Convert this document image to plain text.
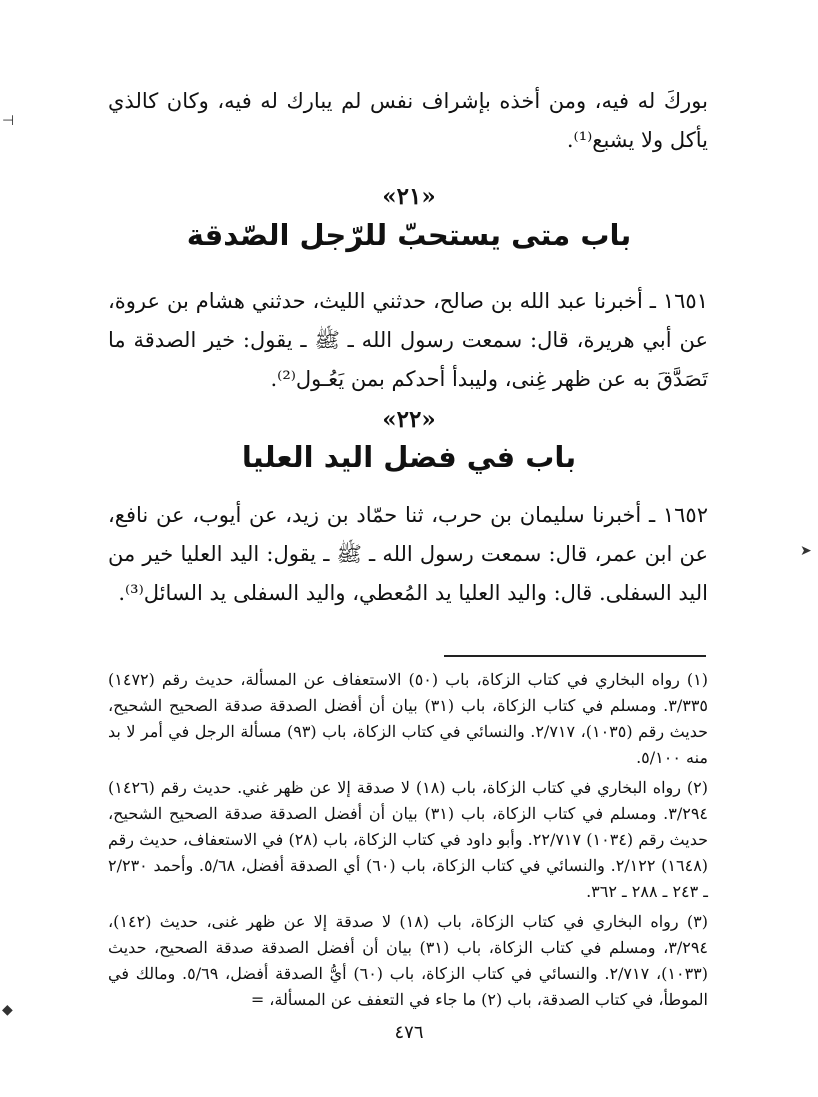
بوركَ له فيه، ومن أخذه بإشراف نفس لم يبارك له فيه، وكان كالذي يأكل ولا يشبع⁽¹⁾.

«٢١»
باب متى يستحبّ للرّجل الصّدقة

١٦٥١ ـ أخبرنا عبد الله بن صالح، حدثني الليث، حدثني هشام بن عروة، عن أبي هريرة، قال: سمعت رسول الله ـ ﷺ ـ يقول: خير الصدقة ما تَصَدَّقَ به عن ظهر غِنى، وليبدأ أحدكم بمن يَعُـول⁽²⁾.

«٢٢»
باب في فضل اليد العليا

١٦٥٢ ـ أخبرنا سليمان بن حرب، ثنا حمّاد بن زيد، عن أيوب، عن نافع، عن ابن عمر، قال: سمعت رسول الله ـ ﷺ ـ يقول: اليد العليا خير من اليد السفلى. قال: واليد العليا يد المُعطي، واليد السفلى يد السائل⁽³⁾.

(١) رواه البخاري في كتاب الزكاة، باب (٥٠) الاستعفاف عن المسألة، حديث رقم (١٤٧٢) ٣/٣٣٥. ومسلم في كتاب الزكاة، باب (٣١) بيان أن أفضل الصدقة صدقة الصحيح الشحيح، حديث رقم (١٠٣٥)، ٢/٧١٧. والنسائي في كتاب الزكاة، باب (٩٣) مسألة الرجل في أمر لا بد منه ٥/١٠٠.

(٢) رواه البخاري في كتاب الزكاة، باب (١٨) لا صدقة إلا عن ظهر غني. حديث رقم (١٤٢٦) ٣/٢٩٤. ومسلم في كتاب الزكاة، باب (٣١) بيان أن أفضل الصدقة صدقة الصحيح الشحيح، حديث رقم (١٠٣٤) ٢٢/٧١٧. وأبو داود في كتاب الزكاة، باب (٢٨) في الاستعفاف، حديث رقم (١٦٤٨) ٢/١٢٢. والنسائي في كتاب الزكاة، باب (٦٠) أي الصدقة أفضل، ٥/٦٨. وأحمد ٢/٢٣٠ ـ ٢٤٣ ـ ٢٨٨ ـ ٣٦٢.

(٣) رواه البخاري في كتاب الزكاة، باب (١٨) لا صدقة إلا عن ظهر غنى، حديث (١٤٢)، ٣/٢٩٤، ومسلم في كتاب الزكاة، باب (٣١) بيان أن أفضل الصدقة صدقة الصحيح، حديث (١٠٣٣)، ٢/٧١٧. والنسائي في كتاب الزكاة، باب (٦٠) أيُّ الصدقة أفضل، ٥/٦٩. ومالك في الموطأ، في كتاب الصدقة، باب (٢) ما جاء في التعفف عن المسألة، =

٤٧٦
⊣
➤
◆
